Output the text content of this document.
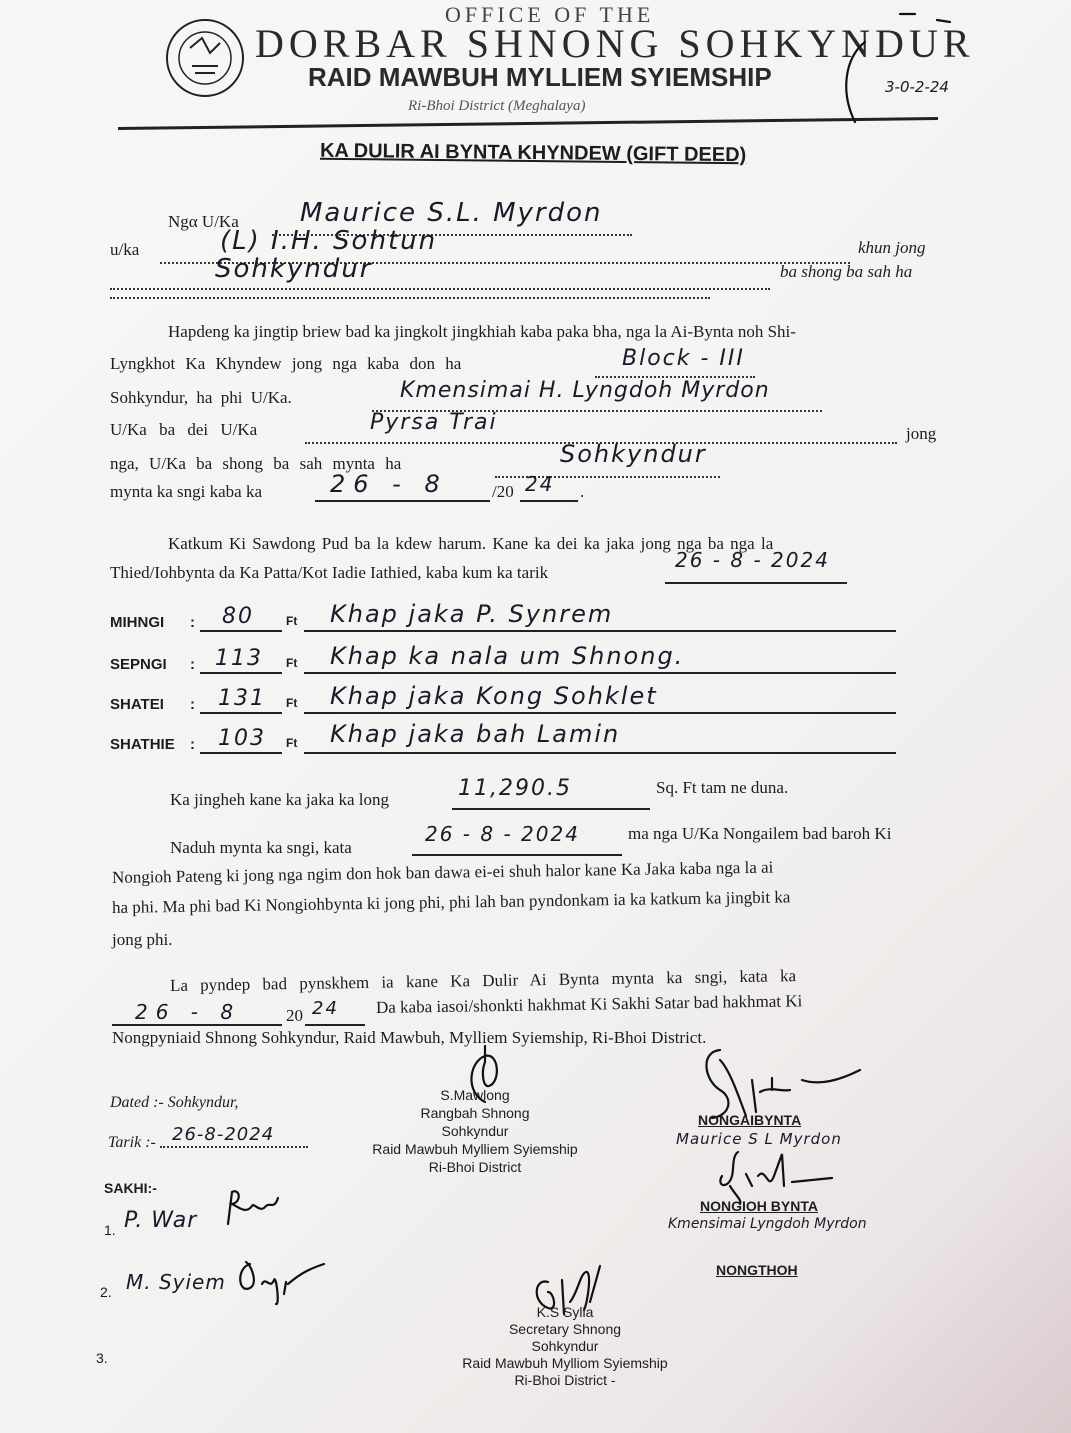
OFFICE OF THE
DORBAR SHNONG SOHKYNDUR
RAID MAWBUH MYLLIEM SYIEMSHIP
Ri-Bhoi District (Meghalaya)
3-0-2-24
KA DULIR AI BYNTA KHYNDEW (GIFT DEED)
Ngα U/Ka Maurice S.L. Myrdon
u/ka	(L) I.H. Sohtun	khun jong
Sohkyndur	ba shong ba sah ha
Hapdeng ka jingtip briew bad ka jingkolt jingkhiah kaba paka bha, nga la Ai-Bynta noh Shi-
Lyngkhot Ka Khyndew jong nga kaba don ha	Block - III
Sohkyndur, ha phi U/Ka.	Kmensimai H. Lyngdoh Myrdon
U/Ka ba dei U/Ka	Pyrsa Trai	jong
nga, U/Ka ba shong ba sah mynta ha	Sohkyndur
mynta ka sngi kaba ka	26 - 8	/20 24 .
Katkum Ki Sawdong Pud ba la kdew harum. Kane ka dei ka jaka jong nga ba nga la
Thied/Iohbynta da Ka Patta/Kot Iadie Iathied, kaba kum ka tarik
26 - 8 - 2024
MIHNGI : 80	Ft Khap jaka P. Synrem
SEPNGI : 113 Ft Khap ka nala um Shnong.
SHATEI : 131 Ft Khap jaka Kong Sohklet
SHATHIE : 103 Ft Khap jaka bah Lamin
Ka jingheh kane ka jaka ka long	11,290.5	Sq. Ft tam ne duna.
Naduh mynta ka sngi, kata
26 - 8 - 2024	ma nga U/Ka Nongailem bad baroh Ki
Nongioh Pateng ki jong nga ngim don hok ban dawa ei-ei shuh halor kane Ka Jaka kaba nga la ai
ha phi. Ma phi bad Ki Nongiohbynta ki jong phi, phi lah ban pyndonkam ia ka katkum ka jingbit ka
jong phi.
La pyndep bad pynskhem ia kane Ka Dulir Ai Bynta mynta ka sngi, kata ka
26 - 8	20 24 Da kaba iasoi/shonkti hakhmat Ki Sakhi Satar bad hakhmat Ki
Nongpyniaid Shnong Sohkyndur, Raid Mawbuh, Mylliem Syiemship, Ri-Bhoi District.
Dated :- Sohkyndur,
Tarik :- 26-8-2024
SAKHI:-
1. P. War
2. M. Syiem
3.
S.Mawlong
Rangbah Shnong
Sohkyndur
Raid Mawbuh Mylliem Syiemship
Ri-Bhoi District
NONGAIBYNTA
Maurice S L Myrdon
NONGIOH BYNTA
Kmensimai Lyngdoh Myrdon
NONGTHOH
K.S Sylla
Secretary Shnong
Sohkyndur
Raid Mawbuh Mylliom Syiemship
Ri-Bhoi District -
